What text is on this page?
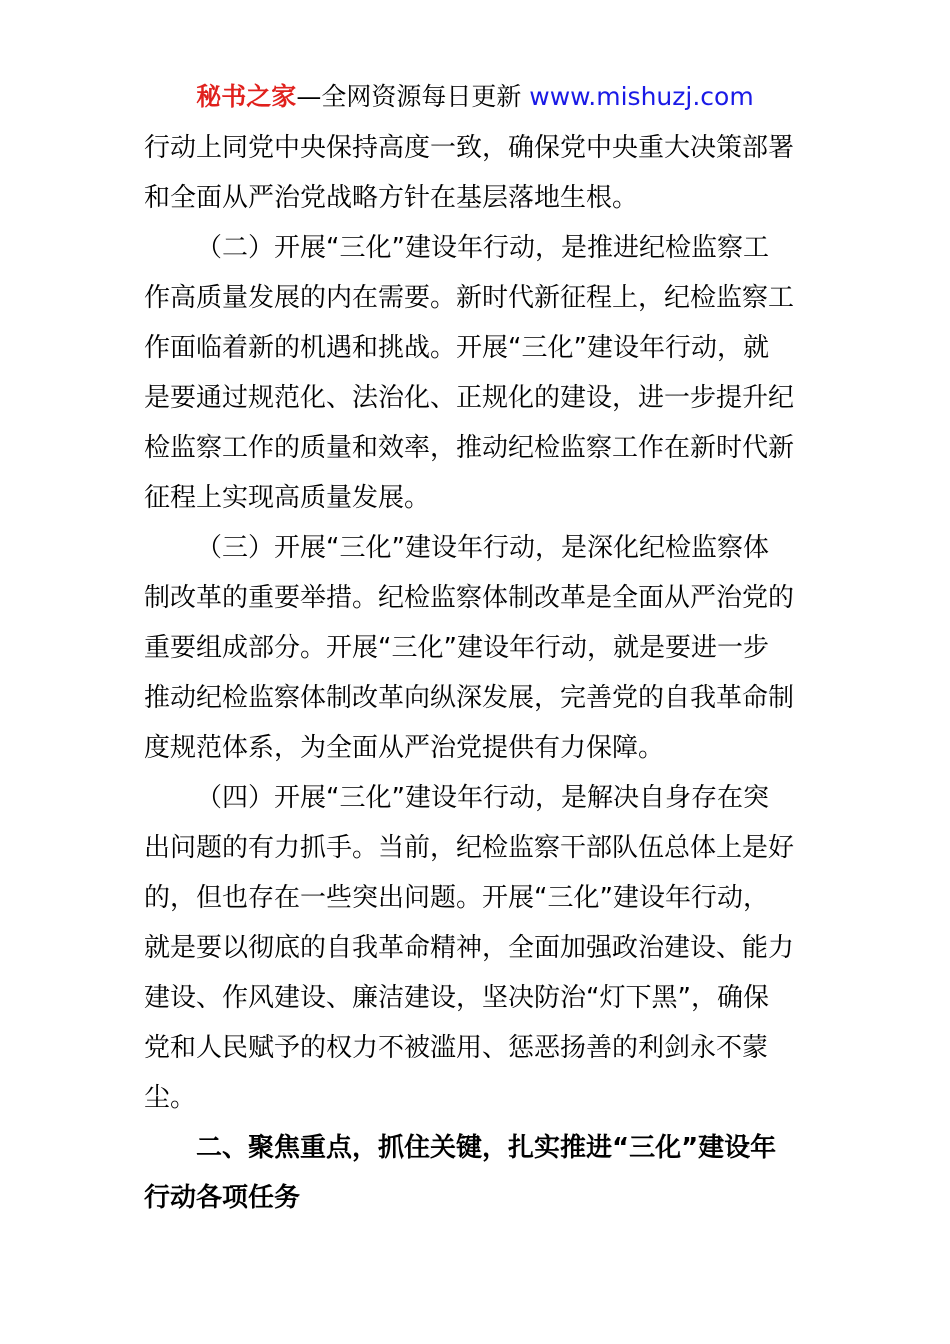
秘书之家—全网资源每日更新 www.mishuzj.com
行动上同党中央保持高度一致，确保党中央重大决策部署
和全面从严治党战略方针在基层落地生根。
（二）开展“三化”建设年行动，是推进纪检监察工
作高质量发展的内在需要。新时代新征程上，纪检监察工
作面临着新的机遇和挑战。开展“三化”建设年行动，就
是要通过规范化、法治化、正规化的建设，进一步提升纪
检监察工作的质量和效率，推动纪检监察工作在新时代新
征程上实现高质量发展。
（三）开展“三化”建设年行动，是深化纪检监察体
制改革的重要举措。纪检监察体制改革是全面从严治党的
重要组成部分。开展“三化”建设年行动，就是要进一步
推动纪检监察体制改革向纵深发展，完善党的自我革命制
度规范体系，为全面从严治党提供有力保障。
（四）开展“三化”建设年行动，是解决自身存在突
出问题的有力抓手。当前，纪检监察干部队伍总体上是好
的，但也存在一些突出问题。开展“三化”建设年行动，
就是要以彻底的自我革命精神，全面加强政治建设、能力
建设、作风建设、廉洁建设，坚决防治“灯下黑”，确保
党和人民赋予的权力不被滥用、惩恶扬善的利剑永不蒙
尘。
二、聚焦重点，抓住关键，扎实推进“三化”建设年
行动各项任务
